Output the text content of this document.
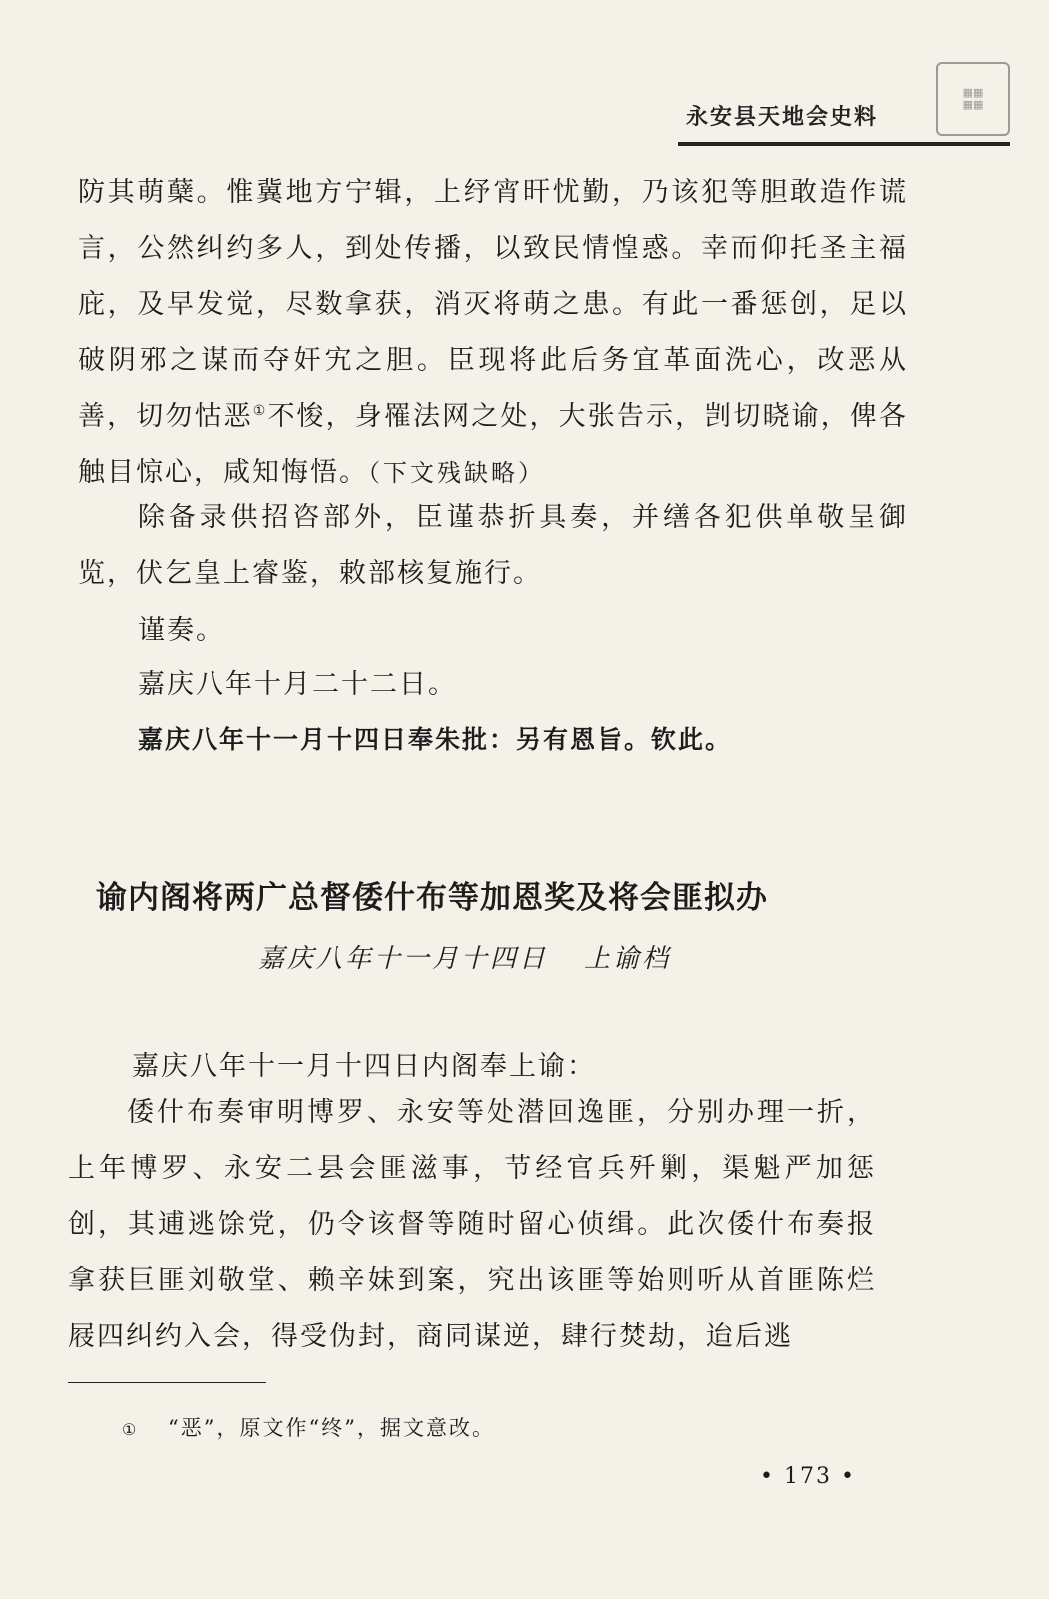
▦▦
▦▦
永安县天地会史料
防其萌蘖。惟冀地方宁辑，上纾宵旰忧勤，乃该犯等胆敢造作谎言，公然纠约多人，到处传播，以致民情惶惑。幸而仰托圣主福庇，及早发觉，尽数拿获，消灭将萌之患。有此一番惩创，足以破阴邪之谋而夺奸宄之胆。臣现将此后务宜革面洗心，改恶从善，切勿怙恶①不悛，身罹法网之处，大张告示，剀切晓谕，俾各触目惊心，咸知悔悟。（下文残缺略）
除备录供招咨部外，臣谨恭折具奏，并缮各犯供单敬呈御览，伏乞皇上睿鉴，敕部核复施行。
谨奏。
嘉庆八年十月二十二日。
嘉庆八年十一月十四日奉朱批：另有恩旨。钦此。
谕内阁将两广总督倭什布等加恩奖及将会匪拟办
嘉庆八年十一月十四日 上谕档
嘉庆八年十一月十四日内阁奉上谕：
倭什布奏审明博罗、永安等处潜回逸匪，分别办理一折，上年博罗、永安二县会匪滋事，节经官兵歼剿，渠魁严加惩创，其逋逃馀党，仍令该督等随时留心侦缉。此次倭什布奏报拿获巨匪刘敬堂、赖辛妹到案，究出该匪等始则听从首匪陈烂屐四纠约入会，得受伪封，商同谋逆，肆行焚劫，迨后逃
① “恶”，原文作“终”，据文意改。
• 173 •
